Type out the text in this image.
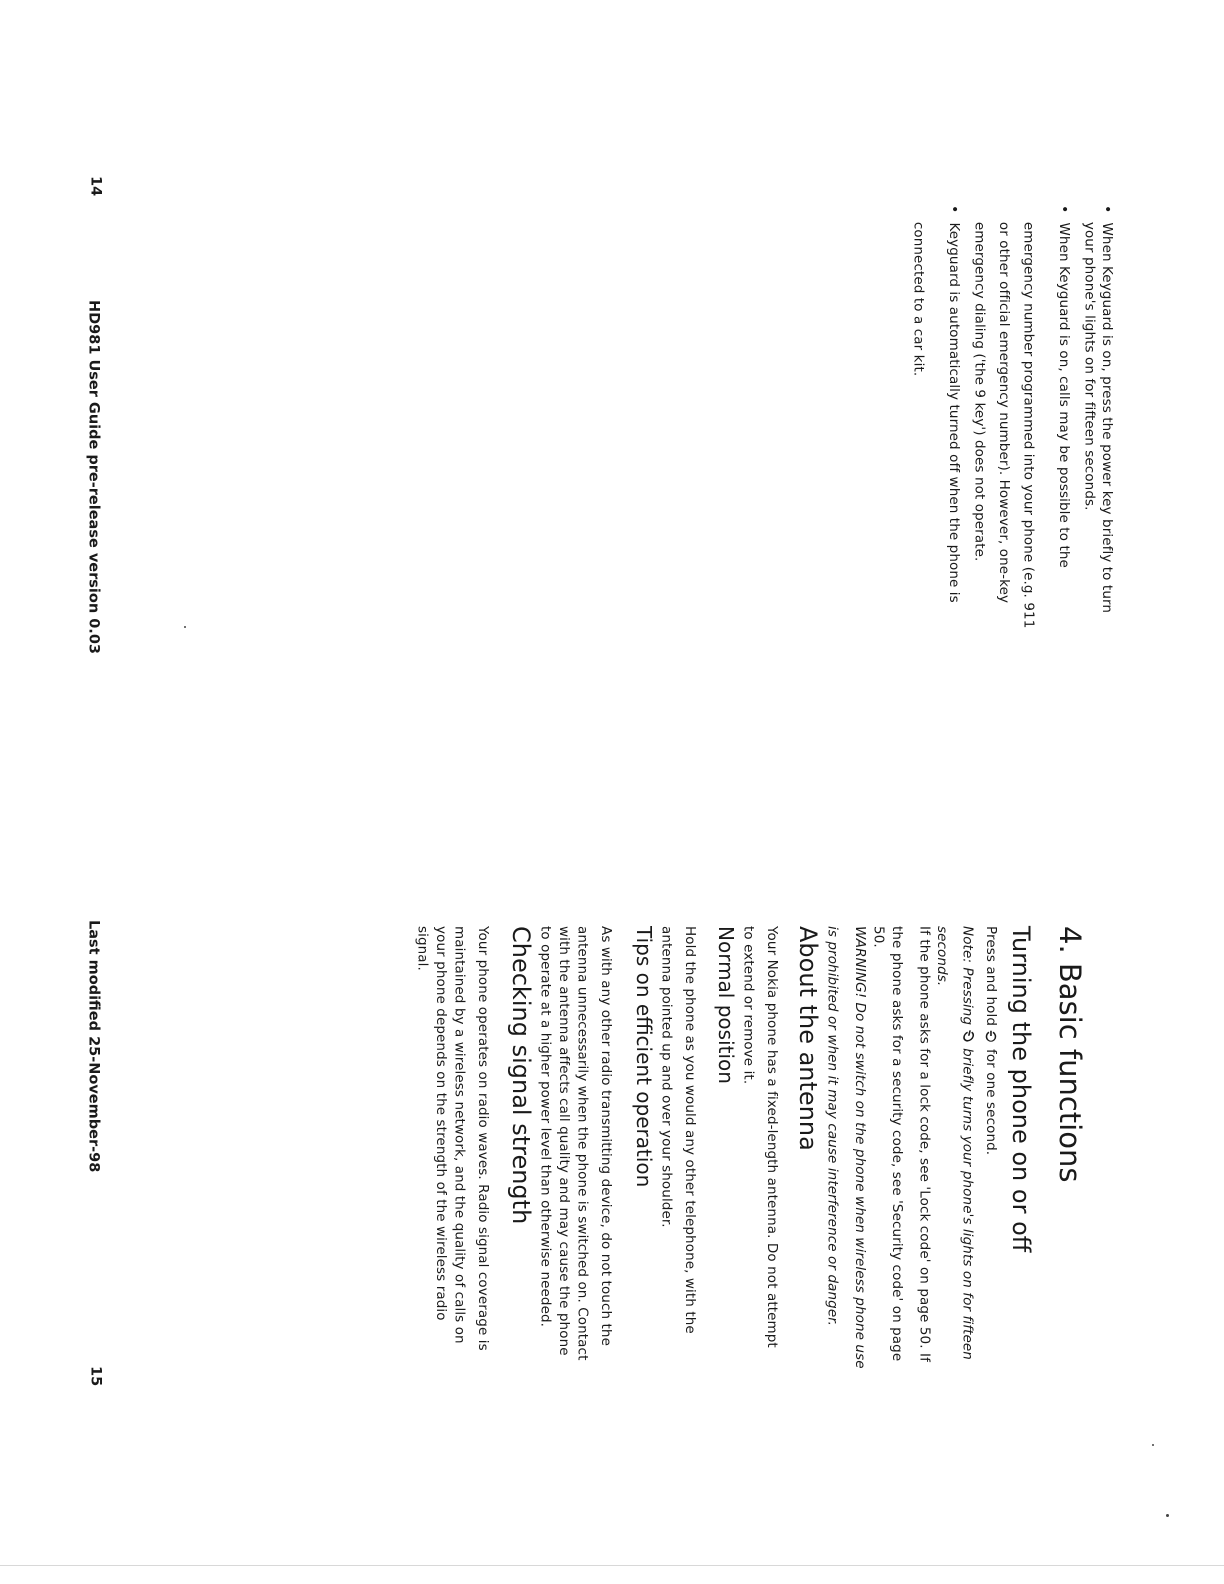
•  When Keyguard is on, press the power key briefly to turn
your phone's lights on for fifteen seconds.
•  When Keyguard is on, calls may be possible to the
emergency number programmed into your phone (e.g. 911
or other official emergency number). However, one-key
emergency dialing ('the 9 key') does not operate.
•  Keyguard is automatically turned off when the phone is
connected to a car kit.
14
HD981 User Guide pre-release version 0.03
4. Basic functions
Turning the phone on or off
Press and hold ⏻ for one second.
Note: Pressing ⏻ briefly turns your phone's lights on for fifteen
seconds.
If the phone asks for a lock code, see 'Lock code' on page 50. If
the phone asks for a security code, see 'Security code' on page
50.
WARNING! Do not switch on the phone when wireless phone use
is prohibited or when it may cause interference or danger.
About the antenna
Your Nokia phone has a fixed-length antenna. Do not attempt
to extend or remove it.
Normal position
Hold the phone as you would any other telephone, with the
antenna pointed up and over your shoulder.
Tips on efficient operation
As with any other radio transmitting device, do not touch the
antenna unnecessarily when the phone is switched on. Contact
with the antenna affects call quality and may cause the phone
to operate at a higher power level than otherwise needed.
Checking signal strength
Your phone operates on radio waves. Radio signal coverage is
maintained by a wireless network, and the quality of calls on
your phone depends on the strength of the wireless radio
signal.
Last modified 25-November-98
15
